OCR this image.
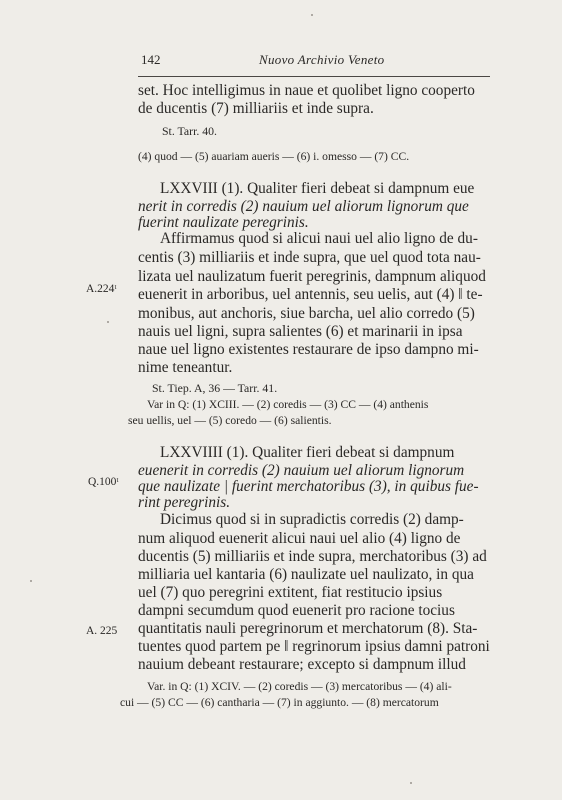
142	Nuovo Archivio Veneto
set. Hoc intelligimus in naue et quolibet ligno cooperto
de ducentis (7) milliariis et inde supra.
St. Tarr. 40.
(4) quod — (5) auariam aueris — (6) i. omesso — (7) CC.
LXXVIII (1). Qualiter fieri debeat si dampnum eue
nerit in corredis (2) nauium uel aliorum lignorum que
fuerint naulizate peregrinis.
Affirmamus quod si alicui naui uel alio ligno de du-
centis (3) milliariis et inde supra, que uel quod tota nau-
lizata uel naulizatum fuerit peregrinis, dampnum aliquod
A.224ᵗ euenerit in arboribus, uel antennis, seu uelis, aut (4) ‖ te-
monibus, aut anchoris, siue barcha, uel alio corredo (5)
nauis uel ligni, supra salientes (6) et marinarii in ipsa
naue uel ligno existentes restaurare de ipso dampno mi-
nime teneantur.
St. Tiep. A, 36 — Tarr. 41.
Var in Q: (1) XCIII. — (2) coredis — (3) CC — (4) anthenis
seu uellis, uel — (5) coredo — (6) salientis.
LXXVIIII (1). Qualiter fieri debeat si dampnum
euenerit in corredis (2) nauium uel aliorum lignorum
Q.100ᵗ que naulizate | fuerint merchatoribus (3), in quibus fue-
rint peregrinis.
Dicimus quod si in supradictis corredis (2) damp-
num aliquod euenerit alicui naui uel alio (4) ligno de
ducentis (5) milliariis et inde supra, merchatoribus (3) ad
milliaria uel kantaria (6) naulizate uel naulizato, in qua
uel (7) quo peregrini extitent, fiat restitucio ipsius
dampni secumdum quod euenerit pro racione tocius
quantitatis nauli peregrinorum et merchatorum (8). Sta-
A. 225
tuentes quod partem pe ‖ regrinorum ipsius damni patroni
nauium debeant restaurare; excepto si dampnum illud
Var. in Q: (1) XCIV. — (2) coredis — (3) mercatoribus — (4) ali-
cui — (5) CC — (6) cantharia — (7) in aggiunto. — (8) mercatorum
